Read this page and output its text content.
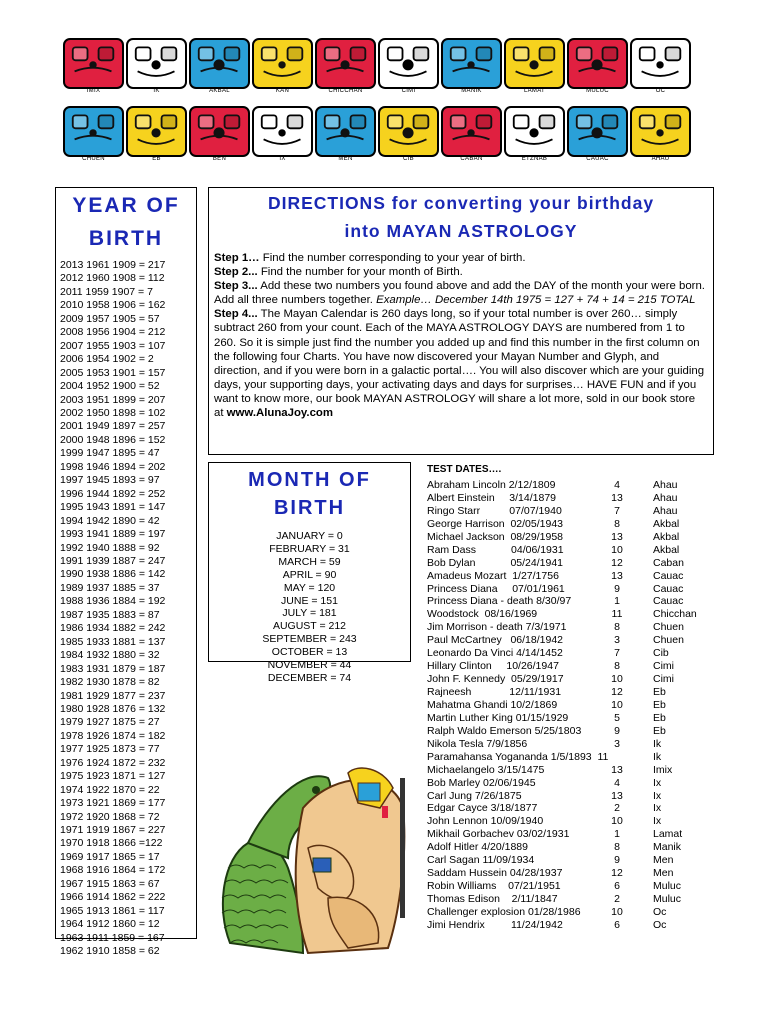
IMIX	IK	AKBAL	KAN	CHICCHAN	CIMI	MANIK	LAMAT	MULUC	OC
CHUEN	EB	BEN	IX	MEN	CIB	CABAN	ETZNAB	CAUAC	AHAU
YEAR OF
BIRTH
2013 1961 1909 = 217
2012 1960 1908 = 112
2011 1959 1907 = 7
2010 1958 1906 = 162
2009 1957 1905 = 57
2008 1956 1904 = 212
2007 1955 1903 = 107
2006 1954 1902 = 2
2005 1953 1901 = 157
2004 1952 1900 = 52
2003 1951 1899 = 207
2002 1950 1898 = 102
2001 1949 1897 = 257
2000 1948 1896 = 152
1999 1947 1895 = 47
1998 1946 1894 = 202
1997 1945 1893 = 97
1996 1944 1892 = 252
1995 1943 1891 = 147
1994 1942 1890 = 42
1993 1941 1889 = 197
1992 1940 1888 = 92
1991 1939 1887 = 247
1990 1938 1886 = 142
1989 1937 1885 = 37
1988 1936 1884 = 192
1987 1935 1883 = 87
1986 1934 1882 = 242
1985 1933 1881 = 137
1984 1932 1880 = 32
1983 1931 1879 = 187
1982 1930 1878 = 82
1981 1929 1877 = 237
1980 1928 1876 = 132
1979 1927 1875 = 27
1978 1926 1874 = 182
1977 1925 1873 = 77
1976 1924 1872 = 232
1975 1923 1871 = 127
1974 1922 1870 = 22
1973 1921 1869 = 177
1972 1920 1868 = 72
1971 1919 1867 = 227
1970 1918 1866 =122
1969 1917 1865 = 17
1968 1916 1864 = 172
1967 1915 1863 = 67
1966 1914 1862 = 222
1965 1913 1861 = 117
1964 1912 1860 = 12
1963 1911 1859 = 167
1962 1910 1858 = 62
DIRECTIONS for converting your birthday
into MAYAN ASTROLOGY

Step 1… Find the number corresponding to your year of birth.

Step 2... Find the number for your month of Birth.

Step 3... Add these two numbers you found above and add the DAY of the month your were born. Add all three numbers together. Example… December 14th 1975 = 127 + 74 + 14 = 215 TOTAL

Step 4... The Mayan Calendar is 260 days long, so if your total number is over 260… simply subtract 260 from your count. Each of the MAYA ASTROLOGY DAYS are numbered from 1 to 260. So it is simple just find the number you added up and find this number in the first column on the following four Charts. You have now discovered your Mayan Number and Glyph, and direction, and if you were born in a galactic portal…. You will also discover which are your guiding days, your supporting days, your activating days and days for surprises… HAVE FUN and if you want to know more, our book MAYAN ASTROLOGY will share a lot more, sold in our book store at www.AlunaJoy.com

MONTH OF BIRTH
JANUARY = 0
FEBRUARY = 31
MARCH = 59
APRIL = 90
MAY = 120
JUNE = 151
JULY = 181
AUGUST = 212
SEPTEMBER = 243
OCTOBER = 13
NOVEMBER = 44
DECEMBER = 74
TEST DATES….
Abraham Lincoln 2/12/1809	4	Ahau
Albert Einstein     3/14/1879	13	Ahau
Ringo Starr          07/07/1940	7	Ahau
George Harrison  02/05/1943	8	Akbal
Michael Jackson  08/29/1958	13	Akbal
Ram Dass            04/06/1931	10	Akbal
Bob Dylan            05/24/1941	12	Caban
Amadeus Mozart  1/27/1756	13	Cauac
Princess Diana     07/01/1961	9	Cauac
Princess Diana - death 8/30/97	1	Cauac
Woodstock  08/16/1969	11	Chicchan
Jim Morrison - death 7/3/1971	8	Chuen
Paul McCartney   06/18/1942	3	Chuen
Leonardo Da Vinci 4/14/1452	7	Cib
Hillary Clinton     10/26/1947	8	Cimi
John F. Kennedy  05/29/1917	10	Cimi
Rajneesh             12/11/1931	12	Eb
Mahatma Ghandi 10/2/1869	10	Eb
Martin Luther King 01/15/1929	5	Eb
Ralph Waldo Emerson 5/25/1803	9	Eb
Nikola Tesla 7/9/1856	3	Ik
Paramahansa Yogananda 1/5/1893  11	Ik
Michaelangelo 3/15/1475	13	Imix
Bob Marley 02/06/1945	4	Ix
Carl Jung 7/26/1875	13	Ix
Edgar Cayce 3/18/1877	2	Ix
John Lennon 10/09/1940	10	Ix
Mikhail Gorbachev 03/02/1931	1	Lamat
Adolf Hitler 4/20/1889	8	Manik
Carl Sagan 11/09/1934	9	Men
Saddam Hussein 04/28/1937	12	Men
Robin Williams    07/21/1951	6	Muluc
Thomas Edison    2/11/1847	2	Muluc
Challenger explosion 01/28/1986	10	Oc
Jimi Hendrix         11/24/1942	6	Oc
